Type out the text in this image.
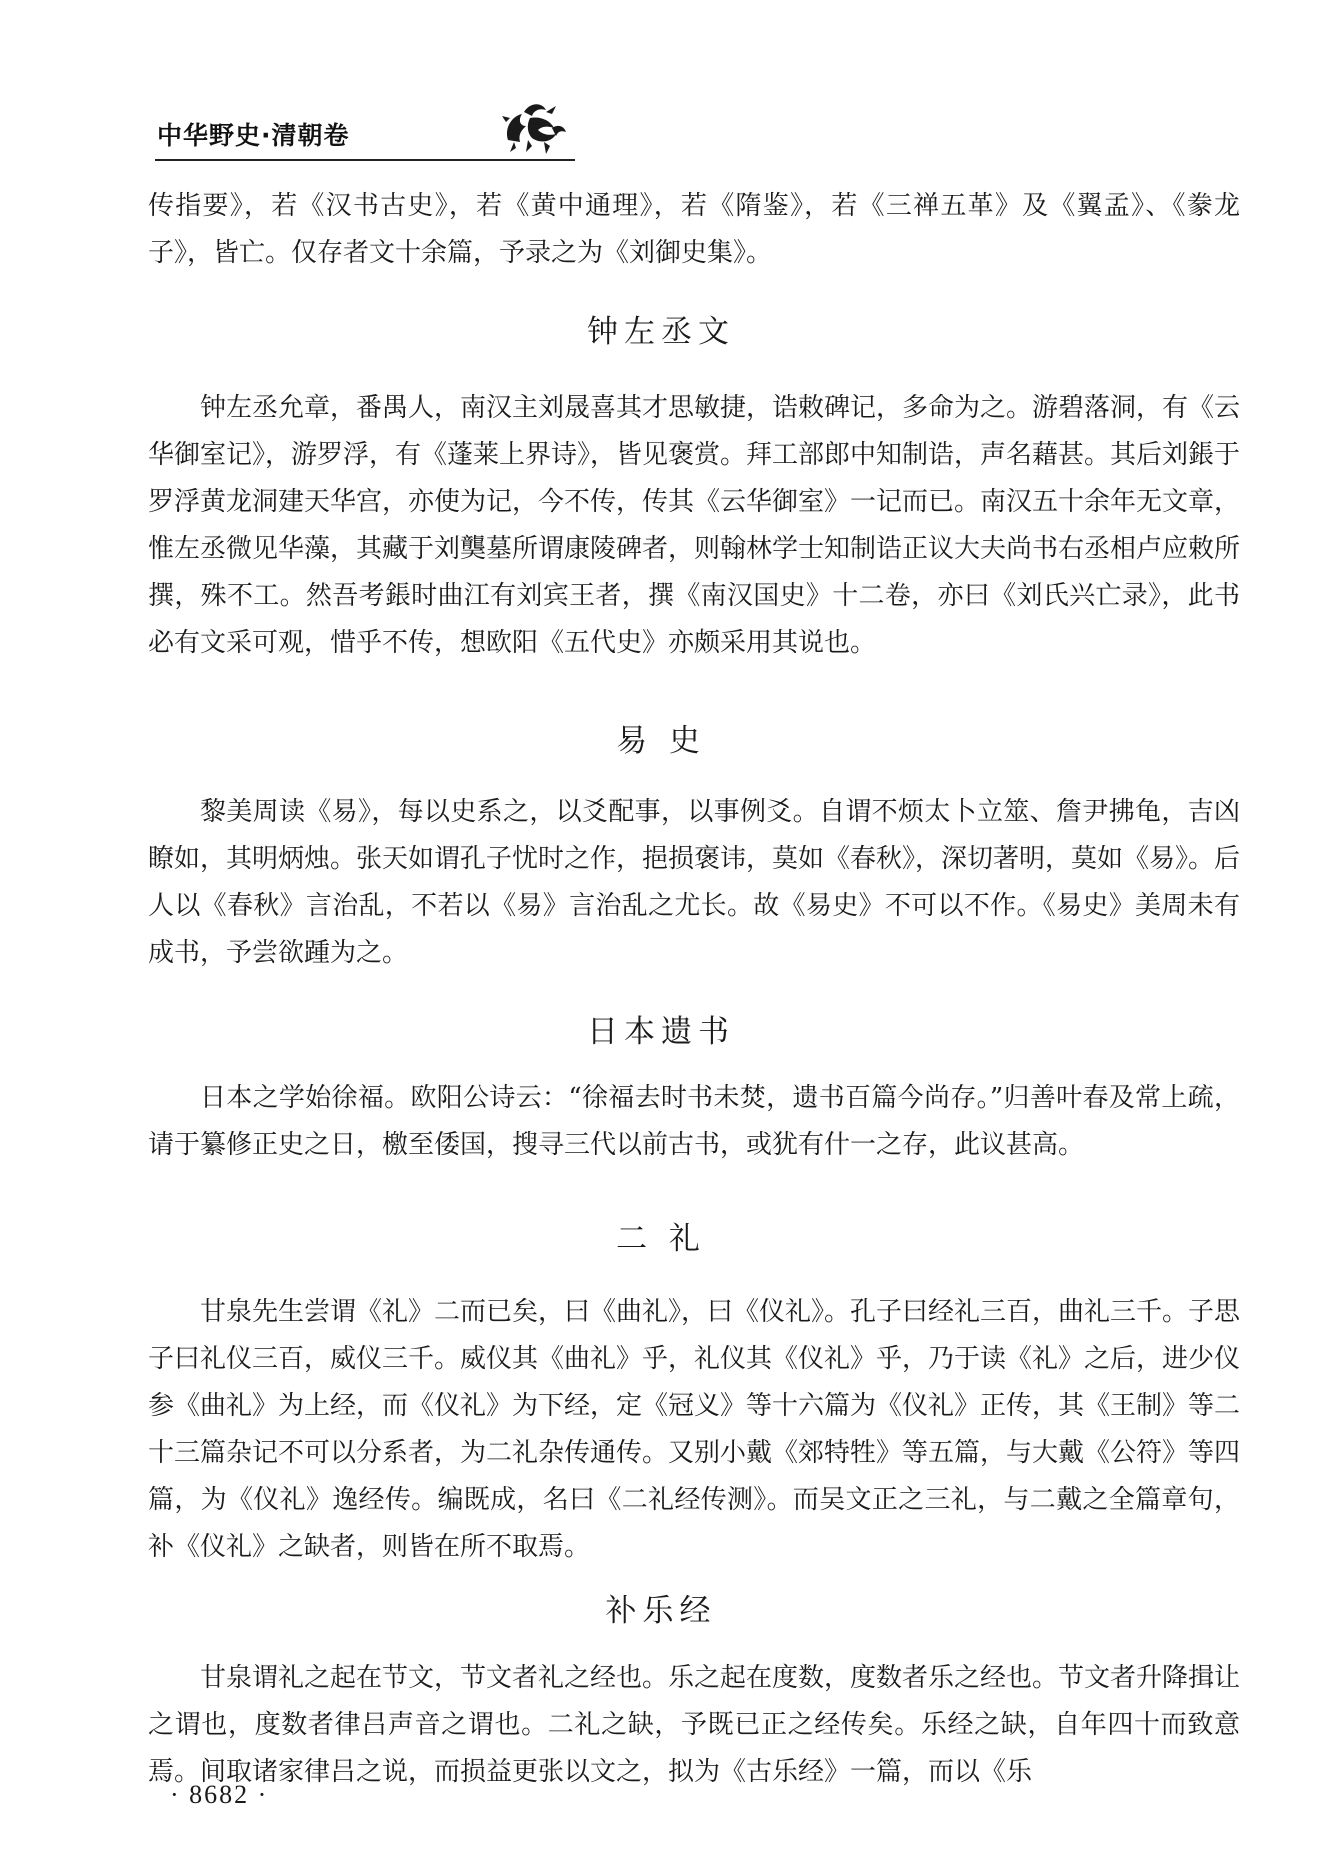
中华野史·清朝卷

传指要》，若《汉书古史》，若《黄中通理》，若《隋鉴》，若《三禅五革》及《翼孟》、《豢龙子》，皆亡。仅存者文十余篇，予录之为《刘御史集》。

钟左丞文

钟左丞允章，番禺人，南汉主刘晟喜其才思敏捷，诰敕碑记，多命为之。游碧落洞，有《云华御室记》，游罗浮，有《蓬莱上界诗》，皆见褒赏。拜工部郎中知制诰，声名藉甚。其后刘鋹于罗浮黄龙洞建天华宫，亦使为记，今不传，传其《云华御室》一记而已。南汉五十余年无文章，惟左丞微见华藻，其藏于刘龑墓所谓康陵碑者，则翰林学士知制诰正议大夫尚书右丞相卢应敕所撰，殊不工。然吾考鋹时曲江有刘宾王者，撰《南汉国史》十二卷，亦曰《刘氏兴亡录》，此书必有文采可观，惜乎不传，想欧阳《五代史》亦颇采用其说也。

易 史

黎美周读《易》，每以史系之，以爻配事，以事例爻。自谓不烦太卜立筮、詹尹拂龟，吉凶瞭如，其明炳烛。张天如谓孔子忧时之作，挹损褒讳，莫如《春秋》，深切著明，莫如《易》。后人以《春秋》言治乱，不若以《易》言治乱之尤长。故《易史》不可以不作。《易史》美周未有成书，予尝欲踵为之。

日本遗书

日本之学始徐福。欧阳公诗云：“徐福去时书未焚，遗书百篇今尚存。”归善叶春及常上疏，请于纂修正史之日，檄至倭国，搜寻三代以前古书，或犹有什一之存，此议甚高。

二 礼

甘泉先生尝谓《礼》二而已矣，曰《曲礼》，曰《仪礼》。孔子曰经礼三百，曲礼三千。子思子曰礼仪三百，威仪三千。威仪其《曲礼》乎，礼仪其《仪礼》乎，乃于读《礼》之后，进少仪参《曲礼》为上经，而《仪礼》为下经，定《冠义》等十六篇为《仪礼》正传，其《王制》等二十三篇杂记不可以分系者，为二礼杂传通传。又别小戴《郊特牲》等五篇，与大戴《公符》等四篇，为《仪礼》逸经传。编既成，名曰《二礼经传测》。而吴文正之三礼，与二戴之全篇章句，补《仪礼》之缺者，则皆在所不取焉。

补乐经

甘泉谓礼之起在节文，节文者礼之经也。乐之起在度数，度数者乐之经也。节文者升降揖让之谓也，度数者律吕声音之谓也。二礼之缺，予既已正之经传矣。乐经之缺，自年四十而致意焉。间取诸家律吕之说，而损益更张以文之，拟为《古乐经》一篇，而以《乐

· 8682 ·
